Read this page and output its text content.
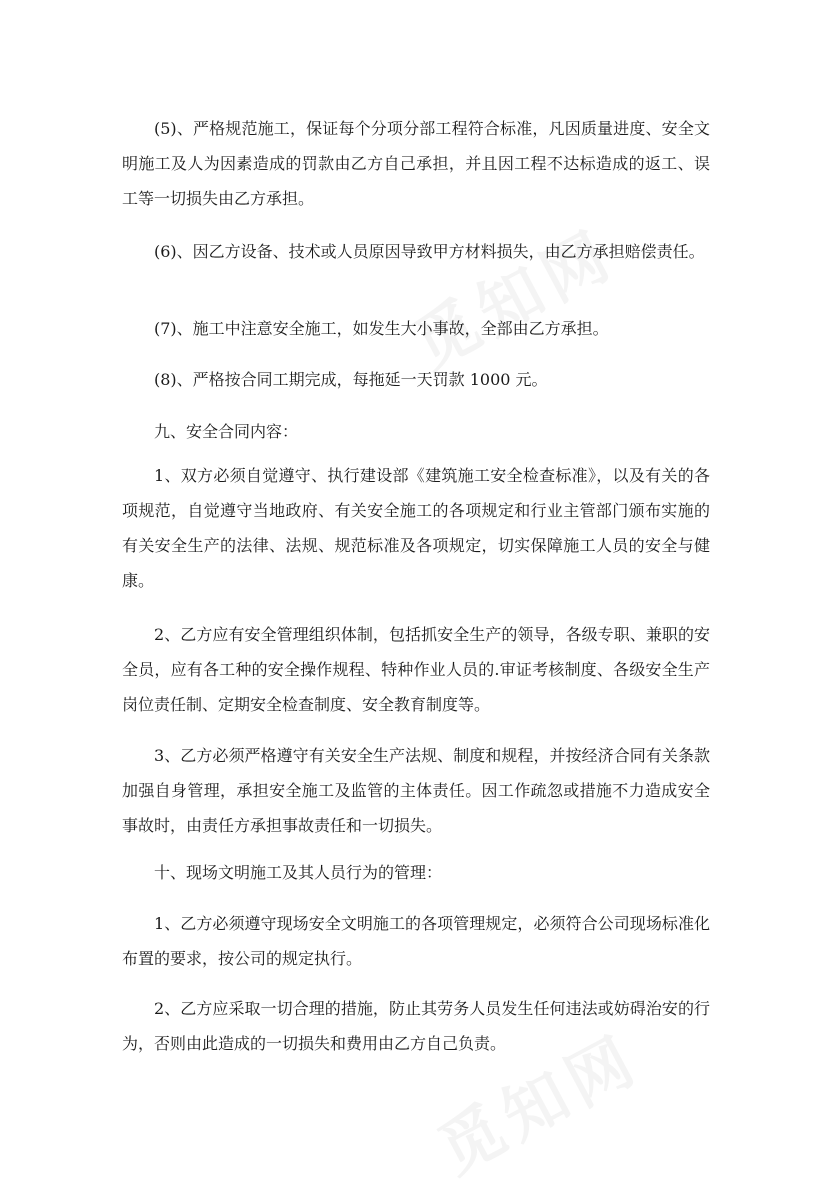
(5)、严格规范施工，保证每个分项分部工程符合标准，凡因质量进度、安全文明施工及人为因素造成的罚款由乙方自己承担，并且因工程不达标造成的返工、误工等一切损失由乙方承担。

(6)、因乙方设备、技术或人员原因导致甲方材料损失，由乙方承担赔偿责任。

(7)、施工中注意安全施工，如发生大小事故，全部由乙方承担。

(8)、严格按合同工期完成，每拖延一天罚款 1000 元。

九、安全合同内容：

1、双方必须自觉遵守、执行建设部《建筑施工安全检查标准》，以及有关的各项规范，自觉遵守当地政府、有关安全施工的各项规定和行业主管部门颁布实施的有关安全生产的法律、法规、规范标准及各项规定，切实保障施工人员的安全与健康。

2、乙方应有安全管理组织体制，包括抓安全生产的领导，各级专职、兼职的安全员，应有各工种的安全操作规程、特种作业人员的.审证考核制度、各级安全生产岗位责任制、定期安全检查制度、安全教育制度等。

3、乙方必须严格遵守有关安全生产法规、制度和规程，并按经济合同有关条款加强自身管理，承担安全施工及监管的主体责任。因工作疏忽或措施不力造成安全事故时，由责任方承担事故责任和一切损失。

十、现场文明施工及其人员行为的管理：

1、乙方必须遵守现场安全文明施工的各项管理规定，必须符合公司现场标准化布置的要求，按公司的规定执行。

2、乙方应采取一切合理的措施，防止其劳务人员发生任何违法或妨碍治安的行为，否则由此造成的一切损失和费用由乙方自己负责。
